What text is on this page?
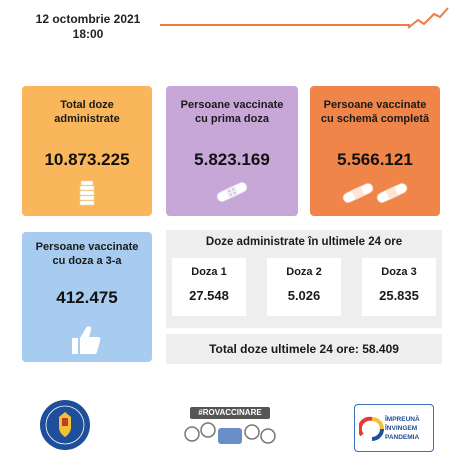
12 octombrie 2021
18:00
Total doze
administrate
10.873.225
Persoane vaccinate
cu prima doza
5.823.169
Persoane vaccinate
cu schemă completă
5.566.121
Persoane vaccinate
cu doza a 3-a
412.475
Doze administrate în ultimele 24 ore
Doza 1
27.548
Doza 2
5.026
Doza 3
25.835
Total doze ultimele 24 ore: 58.409
#ROVACCINARE
ÎMPREUNĂ
ÎNVINGEM
PANDEMIA
